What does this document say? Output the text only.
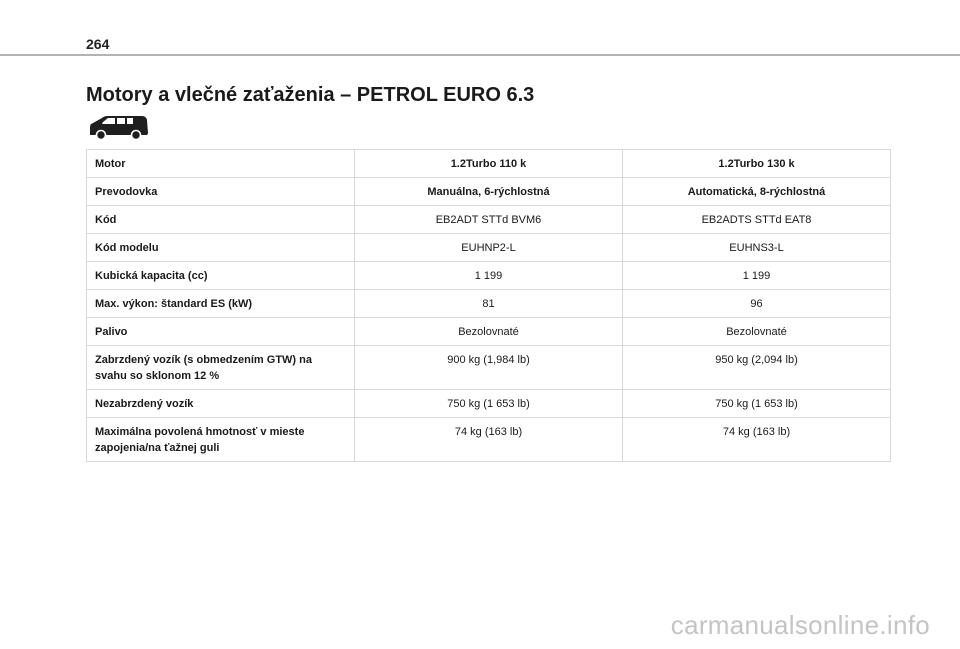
264
Motory a vlečné zaťaženia – PETROL EURO 6.3
Motor	1.2Turbo 110 k	1.2Turbo 130 k
Prevodovka	Manuálna, 6-rýchlostná	Automatická, 8-rýchlostná
Kód	EB2ADT STTd BVM6	EB2ADTS STTd EAT8
Kód modelu	EUHNP2-L	EUHNS3-L
Kubická kapacita (cc)	1 199	1 199
Max. výkon: štandard ES (kW)	81	96
Palivo	Bezolovnaté	Bezolovnaté
Zabrzdený vozík (s obmedzením GTW) na svahu so sklonom 12 %	900 kg (1,984 lb)	950 kg (2,094 lb)
Nezabrzdený vozík	750 kg (1 653 lb)	750 kg (1 653 lb)
Maximálna povolená hmotnosť v mieste zapojenia/na ťažnej guli	74 kg (163 lb)	74 kg (163 lb)
carmanualsonline.info
